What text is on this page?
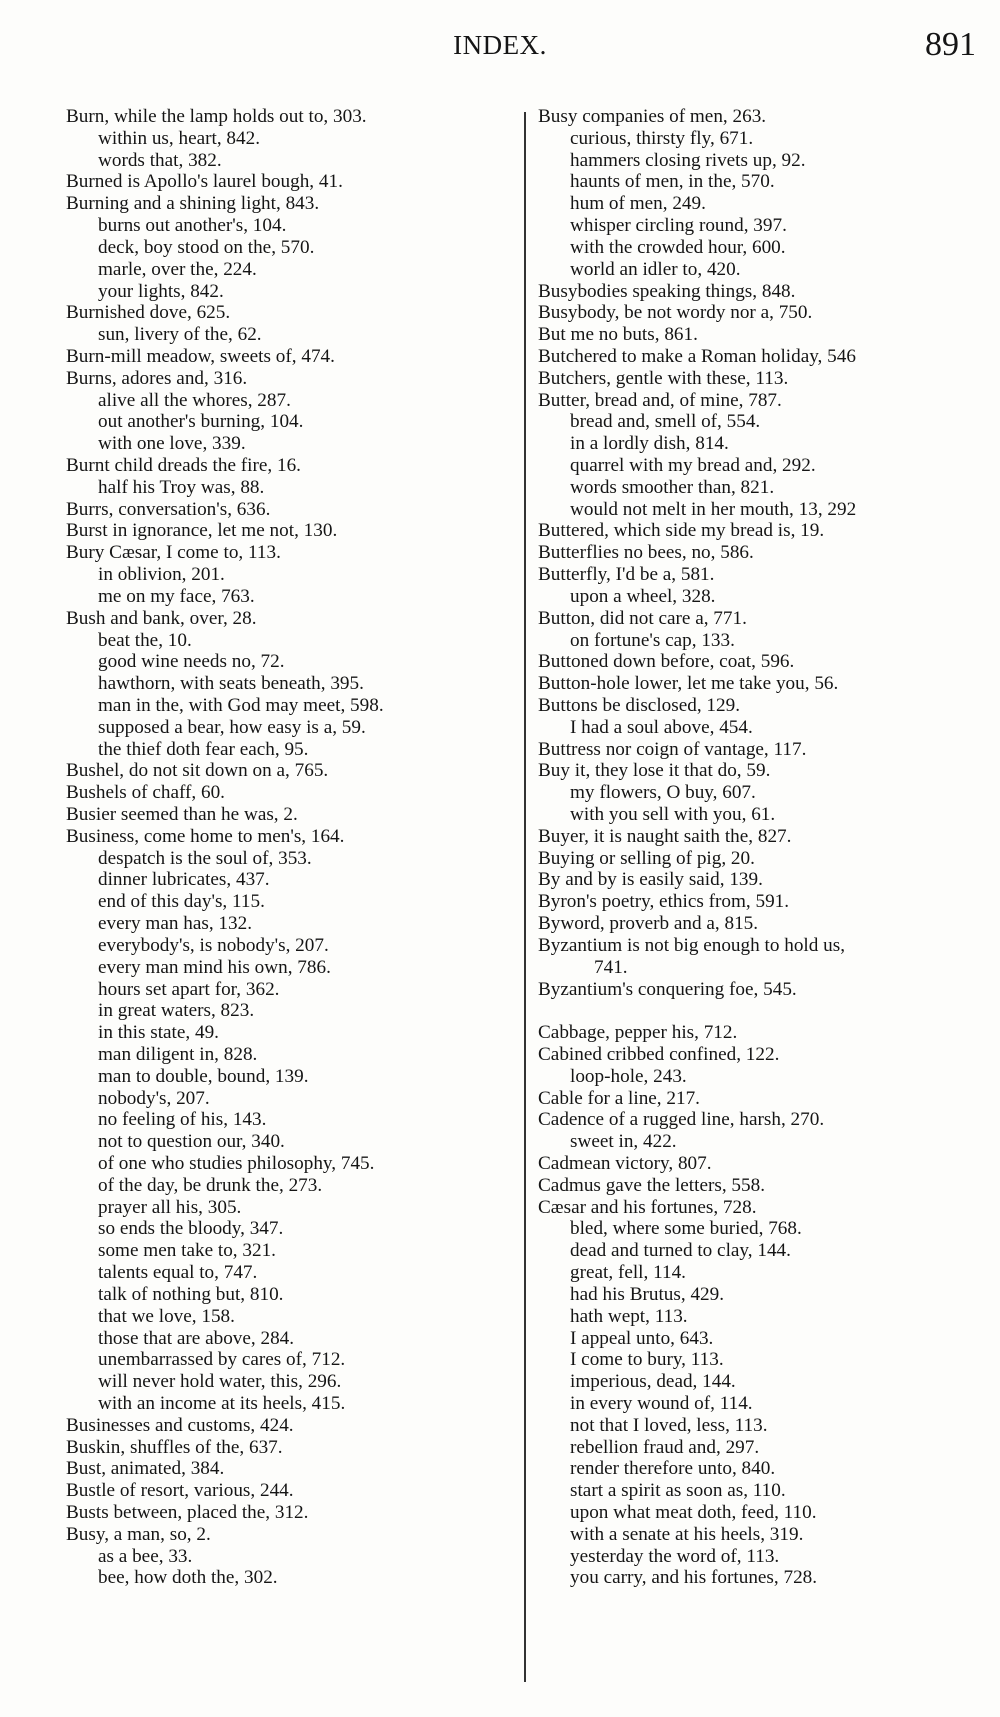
INDEX.	891
Burn, while the lamp holds out to, 303.
within us, heart, 842.
words that, 382.
Burned is Apollo's laurel bough, 41.
Burning and a shining light, 843.
burns out another's, 104.
deck, boy stood on the, 570.
marle, over the, 224.
your lights, 842.
Burnished dove, 625.
sun, livery of the, 62.
Burn-mill meadow, sweets of, 474.
Burns, adores and, 316.
alive all the whores, 287.
out another's burning, 104.
with one love, 339.
Burnt child dreads the fire, 16.
half his Troy was, 88.
Burrs, conversation's, 636.
Burst in ignorance, let me not, 130.
Bury Cæsar, I come to, 113.
in oblivion, 201.
me on my face, 763.
Bush and bank, over, 28.
beat the, 10.
good wine needs no, 72.
hawthorn, with seats beneath, 395.
man in the, with God may meet, 598.
supposed a bear, how easy is a, 59.
the thief doth fear each, 95.
Bushel, do not sit down on a, 765.
Bushels of chaff, 60.
Busier seemed than he was, 2.
Business, come home to men's, 164.
despatch is the soul of, 353.
dinner lubricates, 437.
end of this day's, 115.
every man has, 132.
everybody's, is nobody's, 207.
every man mind his own, 786.
hours set apart for, 362.
in great waters, 823.
in this state, 49.
man diligent in, 828.
man to double, bound, 139.
nobody's, 207.
no feeling of his, 143.
not to question our, 340.
of one who studies philosophy, 745.
of the day, be drunk the, 273.
prayer all his, 305.
so ends the bloody, 347.
some men take to, 321.
talents equal to, 747.
talk of nothing but, 810.
that we love, 158.
those that are above, 284.
unembarrassed by cares of, 712.
will never hold water, this, 296.
with an income at its heels, 415.
Businesses and customs, 424.
Buskin, shuffles of the, 637.
Bust, animated, 384.
Bustle of resort, various, 244.
Busts between, placed the, 312.
Busy, a man, so, 2.
as a bee, 33.
bee, how doth the, 302.
Busy companies of men, 263.
curious, thirsty fly, 671.
hammers closing rivets up, 92.
haunts of men, in the, 570.
hum of men, 249.
whisper circling round, 397.
with the crowded hour, 600.
world an idler to, 420.
Busybodies speaking things, 848.
Busybody, be not wordy nor a, 750.
But me no buts, 861.
Butchered to make a Roman holiday, 546
Butchers, gentle with these, 113.
Butter, bread and, of mine, 787.
bread and, smell of, 554.
in a lordly dish, 814.
quarrel with my bread and, 292.
words smoother than, 821.
would not melt in her mouth, 13, 292
Buttered, which side my bread is, 19.
Butterflies no bees, no, 586.
Butterfly, I'd be a, 581.
upon a wheel, 328.
Button, did not care a, 771.
on fortune's cap, 133.
Buttoned down before, coat, 596.
Button-hole lower, let me take you, 56.
Buttons be disclosed, 129.
I had a soul above, 454.
Buttress nor coign of vantage, 117.
Buy it, they lose it that do, 59.
my flowers, O buy, 607.
with you sell with you, 61.
Buyer, it is naught saith the, 827.
Buying or selling of pig, 20.
By and by is easily said, 139.
Byron's poetry, ethics from, 591.
Byword, proverb and a, 815.
Byzantium is not big enough to hold us,
741.
Byzantium's conquering foe, 545.
Cabbage, pepper his, 712.
Cabined cribbed confined, 122.
loop-hole, 243.
Cable for a line, 217.
Cadence of a rugged line, harsh, 270.
sweet in, 422.
Cadmean victory, 807.
Cadmus gave the letters, 558.
Cæsar and his fortunes, 728.
bled, where some buried, 768.
dead and turned to clay, 144.
great, fell, 114.
had his Brutus, 429.
hath wept, 113.
I appeal unto, 643.
I come to bury, 113.
imperious, dead, 144.
in every wound of, 114.
not that I loved, less, 113.
rebellion fraud and, 297.
render therefore unto, 840.
start a spirit as soon as, 110.
upon what meat doth, feed, 110.
with a senate at his heels, 319.
yesterday the word of, 113.
you carry, and his fortunes, 728.
